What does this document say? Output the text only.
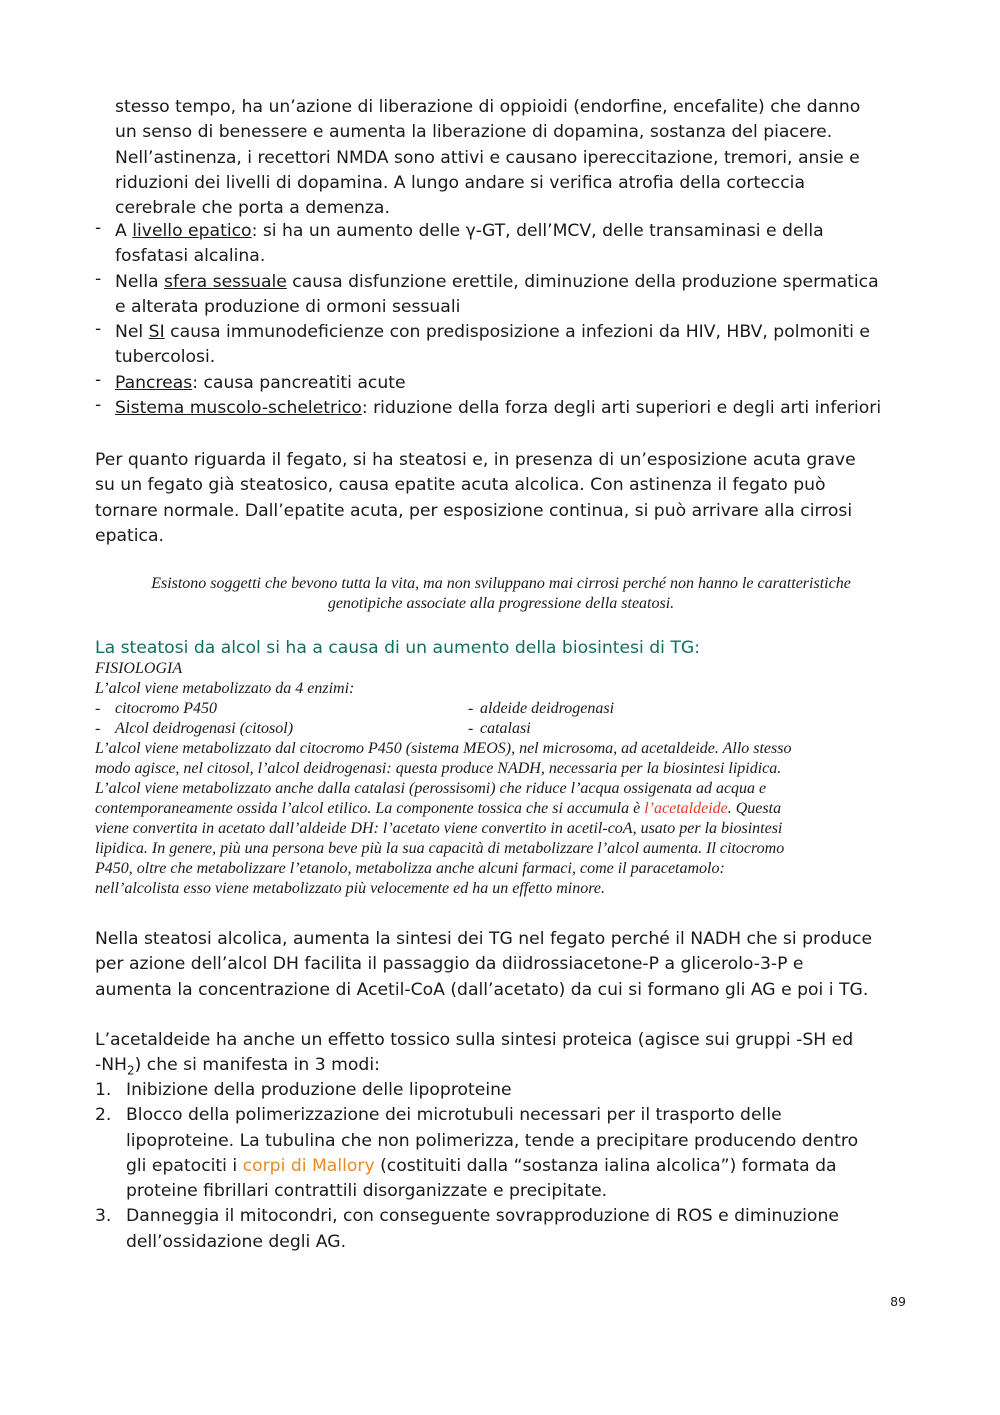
stesso tempo, ha un’azione di liberazione di oppioidi (endorfine, encefalite) che danno

un senso di benessere e aumenta la liberazione di dopamina, sostanza del piacere.

Nell’astinenza, i recettori NMDA sono attivi e causano ipereccitazione, tremori, ansie e

riduzioni dei livelli di dopamina. A lungo andare si verifica atrofia della corteccia

cerebrale che porta a demenza.

- A livello epatico: si ha un aumento delle γ-GT, dell’MCV, delle transaminasi e della
fosfatasi alcalina.
- Nella sfera sessuale causa disfunzione erettile, diminuzione della produzione spermatica
e alterata produzione di ormoni sessuali
- Nel SI causa immunodeficienze con predisposizione a infezioni da HIV, HBV, polmoniti e
tubercolosi.
- Pancreas: causa pancreatiti acute
- Sistema muscolo-scheletrico: riduzione della forza degli arti superiori e degli arti inferiori

Per quanto riguarda il fegato, si ha steatosi e, in presenza di un’esposizione acuta grave

su un fegato già steatosico, causa epatite acuta alcolica. Con astinenza il fegato può

tornare normale. Dall’epatite acuta, per esposizione continua, si può arrivare alla cirrosi

epatica.

Esistono soggetti che bevono tutta la vita, ma non sviluppano mai cirrosi perché non hanno le caratteristiche

genotipiche associate alla progressione della steatosi.

La steatosi da alcol si ha a causa di un aumento della biosintesi di TG:

FISIOLOGIA

L’alcol viene metabolizzato da 4 enzimi:

- citocromo P450	- aldeide deidrogenasi
- Alcol deidrogenasi (citosol)	- catalasi

L’alcol viene metabolizzato dal citocromo P450 (sistema MEOS), nel microsoma, ad acetaldeide. Allo stesso

modo agisce, nel citosol, l’alcol deidrogenasi: questa produce NADH, necessaria per la biosintesi lipidica.

L’alcol viene metabolizzato anche dalla catalasi (perossisomi) che riduce l’acqua ossigenata ad acqua e

contemporaneamente ossida l’alcol etilico. La componente tossica che si accumula è l’acetaldeide. Questa

viene convertita in acetato dall’aldeide DH: l’acetato viene convertito in acetil-coA, usato per la biosintesi

lipidica. In genere, più una persona beve più la sua capacità di metabolizzare l’alcol aumenta. Il citocromo

P450, oltre che metabolizzare l’etanolo, metabolizza anche alcuni farmaci, come il paracetamolo:

nell’alcolista esso viene metabolizzato più velocemente ed ha un effetto minore.

Nella steatosi alcolica, aumenta la sintesi dei TG nel fegato perché il NADH che si produce

per azione dell’alcol DH facilita il passaggio da diidrossiacetone-P a glicerolo-3-P e

aumenta la concentrazione di Acetil-CoA (dall’acetato) da cui si formano gli AG e poi i TG.

L’acetaldeide ha anche un effetto tossico sulla sintesi proteica (agisce sui gruppi -SH ed

$-NH_2$) che si manifesta in 3 modi:

1. Inibizione della produzione delle lipoproteine
2. Blocco della polimerizzazione dei microtubuli necessari per il trasporto delle
lipoproteine. La tubulina che non polimerizza, tende a precipitare producendo dentro
gli epatociti i corpi di Mallory (costituiti dalla “sostanza ialina alcolica”) formata da
proteine fibrillari contrattili disorganizzate e precipitate.
3. Danneggia il mitocondri, con conseguente sovrapproduzione di ROS e diminuzione
dell’ossidazione degli AG.
89
